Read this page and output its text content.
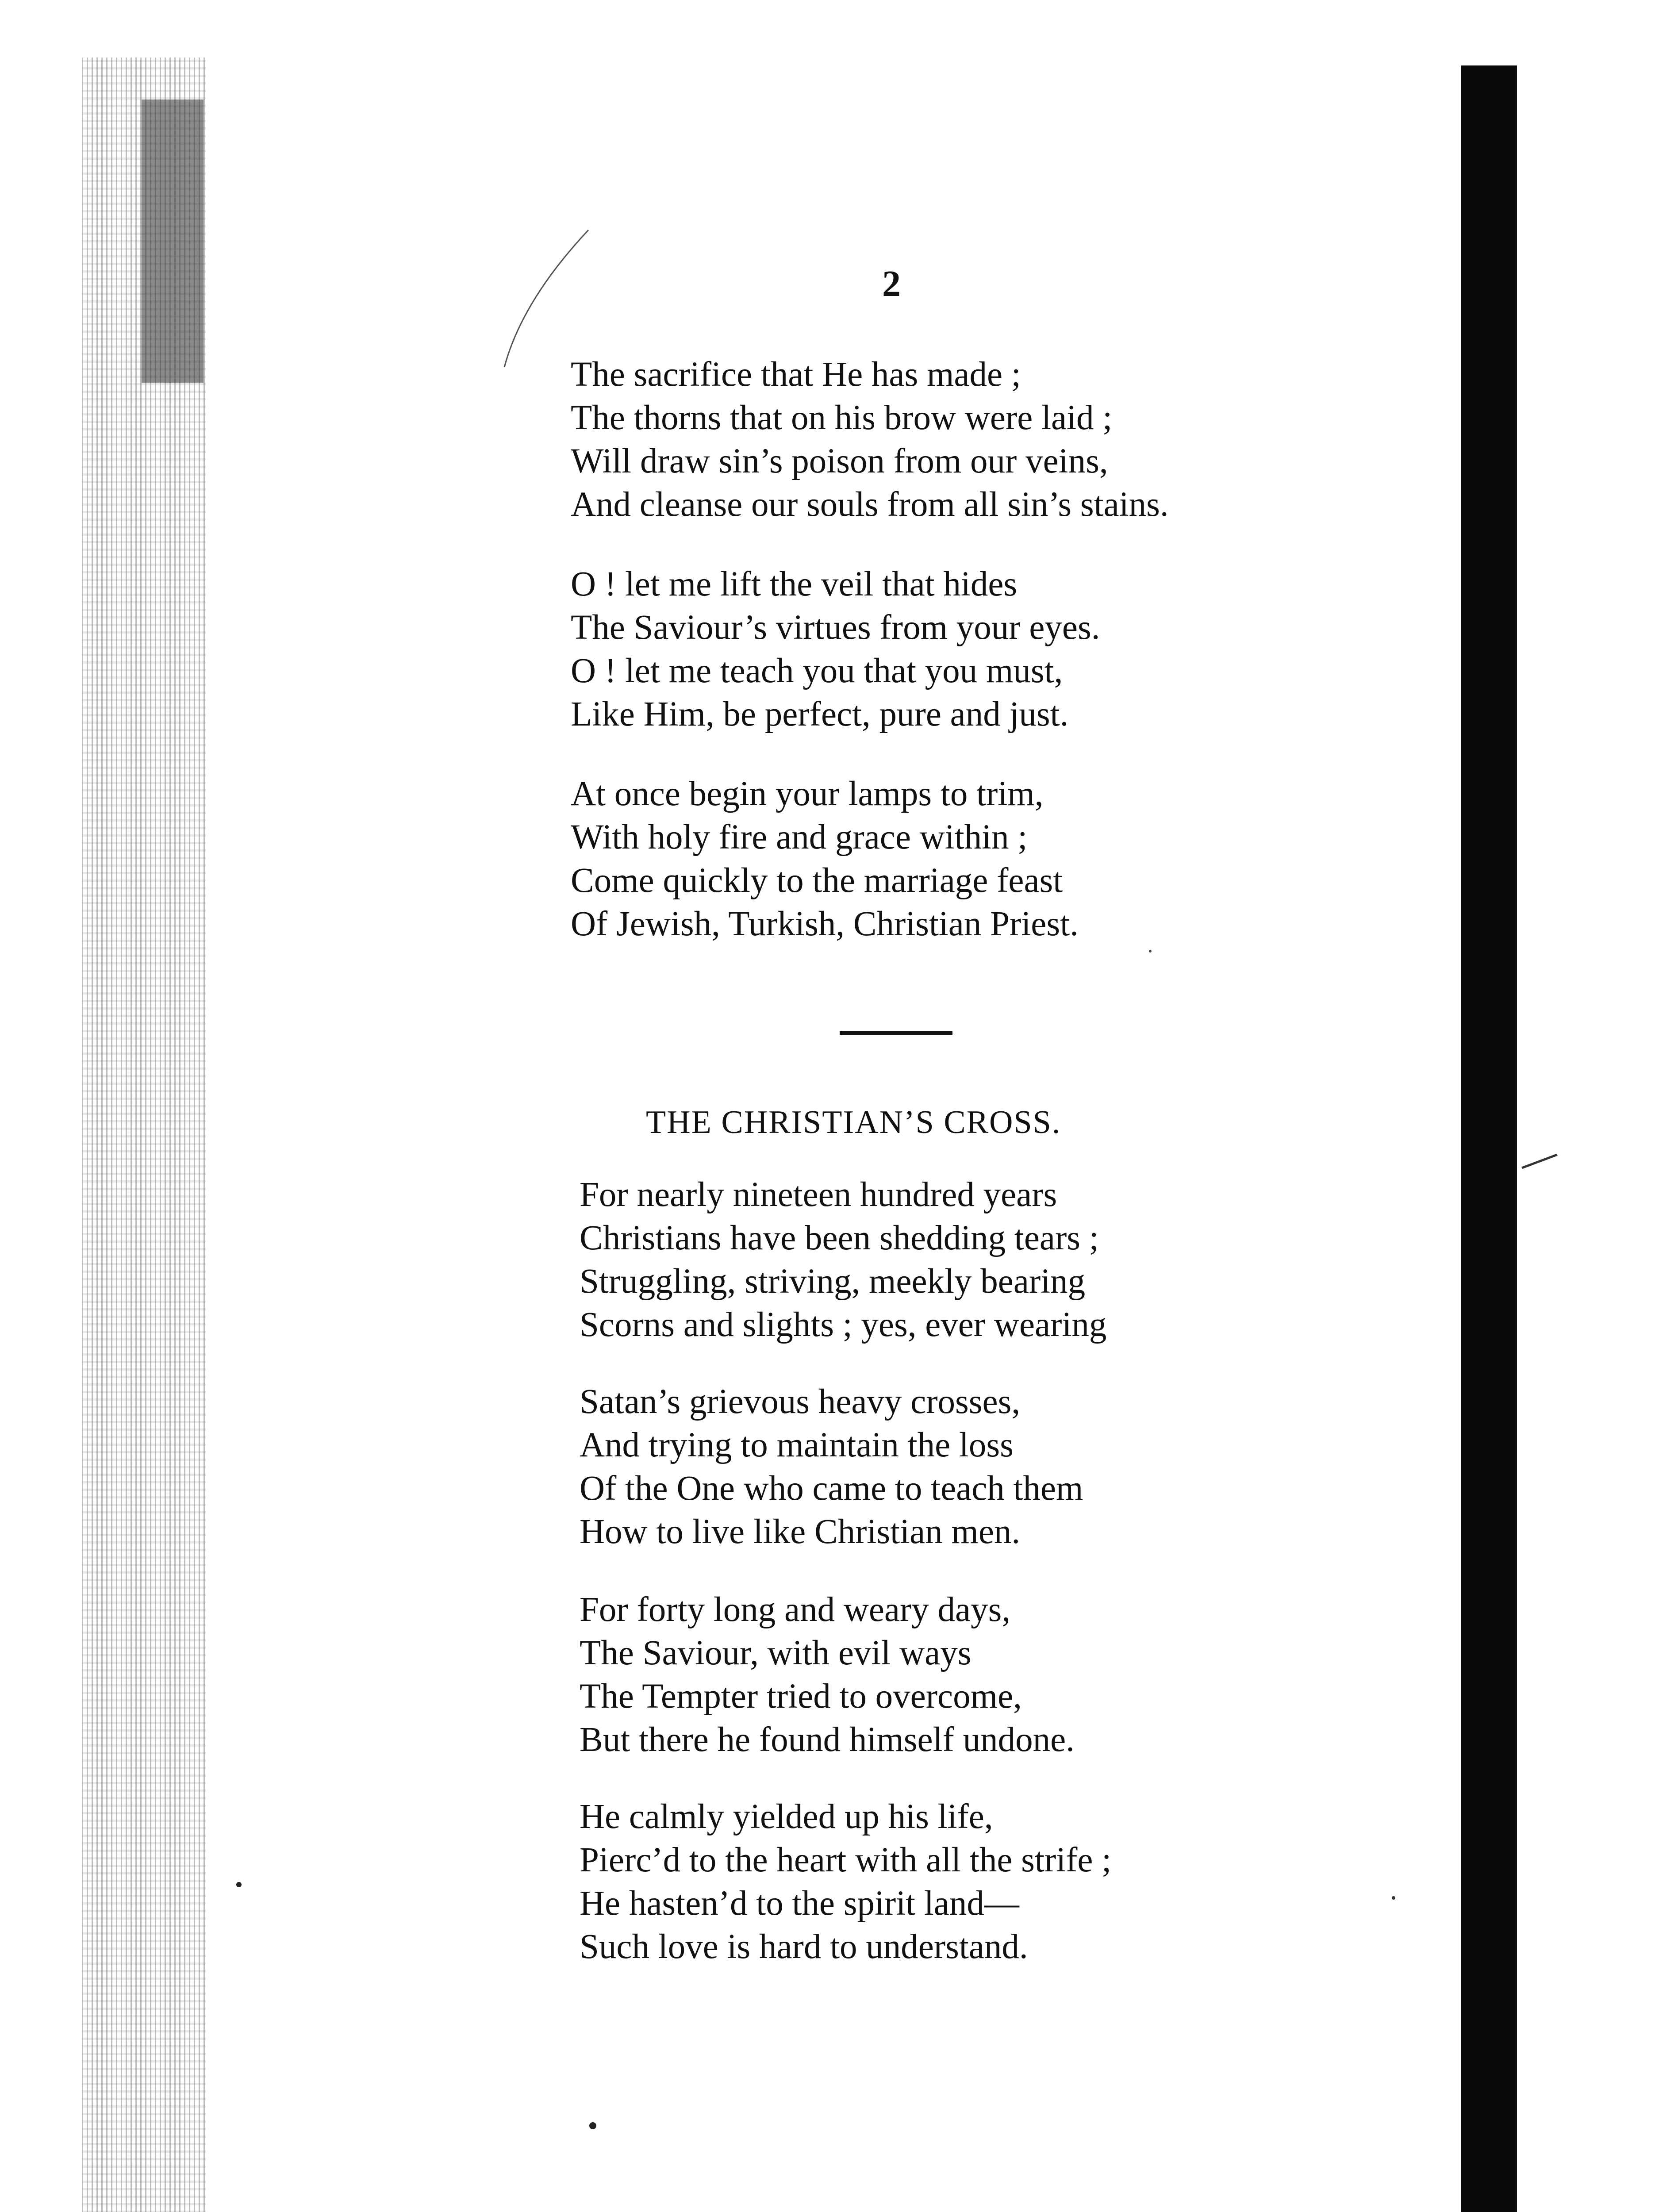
2
The sacrifice that He has made ;
The thorns that on his brow were laid ;
Will draw sin’s poison from our veins,
And cleanse our souls from all sin’s stains.
O ! let me lift the veil that hides
The Saviour’s virtues from your eyes.
O ! let me teach you that you must,
Like Him, be perfect, pure and just.
At once begin your lamps to trim,
With holy fire and grace within ;
Come quickly to the marriage feast
Of Jewish, Turkish, Christian Priest.
THE CHRISTIAN’S CROSS.
For nearly nineteen hundred years
Christians have been shedding tears ;
Struggling, striving, meekly bearing
Scorns and slights ; yes, ever wearing
Satan’s grievous heavy crosses,
And trying to maintain the loss
Of the One who came to teach them
How to live like Christian men.
For forty long and weary days,
The Saviour, with evil ways
The Tempter tried to overcome,
But there he found himself undone.
He calmly yielded up his life,
Pierc’d to the heart with all the strife ;
He hasten’d to the spirit land—
Such love is hard to understand.
